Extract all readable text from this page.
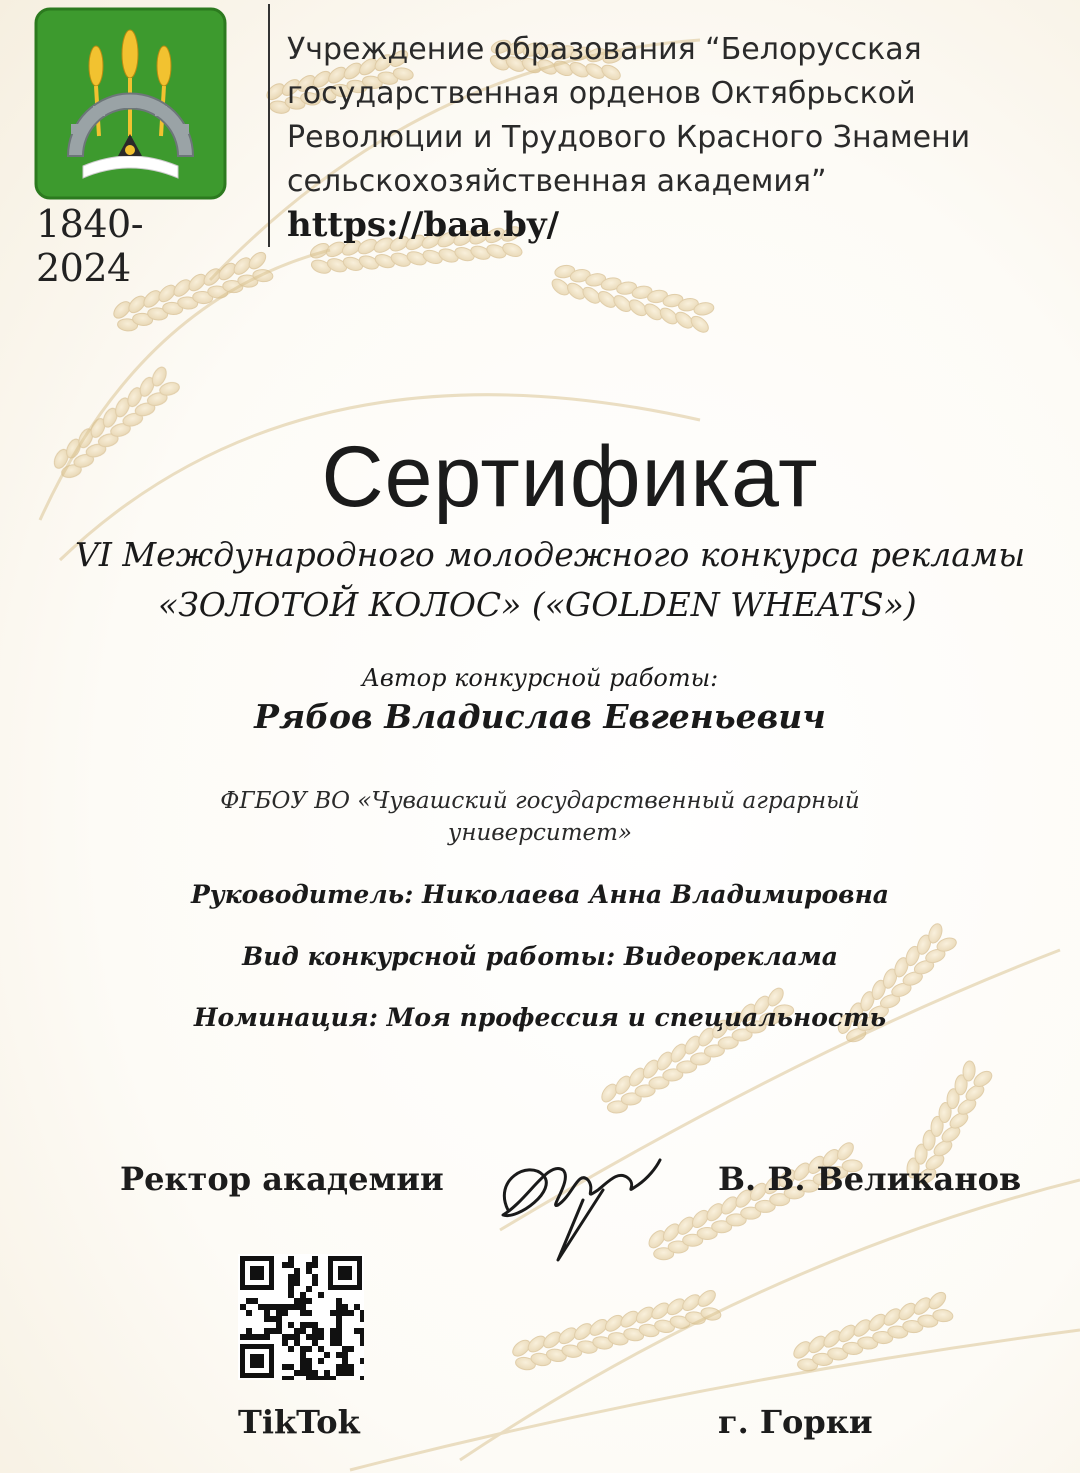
1840-2024
Учреждение образования “Белорусская
государственная орденов Октябрьской
Революции и Трудового Красного Знамени
сельскохозяйственная академия”
https://baa.by/
Сертификат
VI Международного молодежного конкурса рекламы
«ЗОЛОТОЙ КОЛОС» («GOLDEN WHEATS»)
Автор конкурсной работы:
Рябов Владислав Евгеньевич
ФГБОУ ВО «Чувашский государственный аграрный университет»
Руководитель: Николаева Анна Владимировна
Вид конкурсной работы: Видеореклама
Номинация: Моя профессия и специальность
Ректор академии	В. В. Великанов
TikTok	г. Горки
